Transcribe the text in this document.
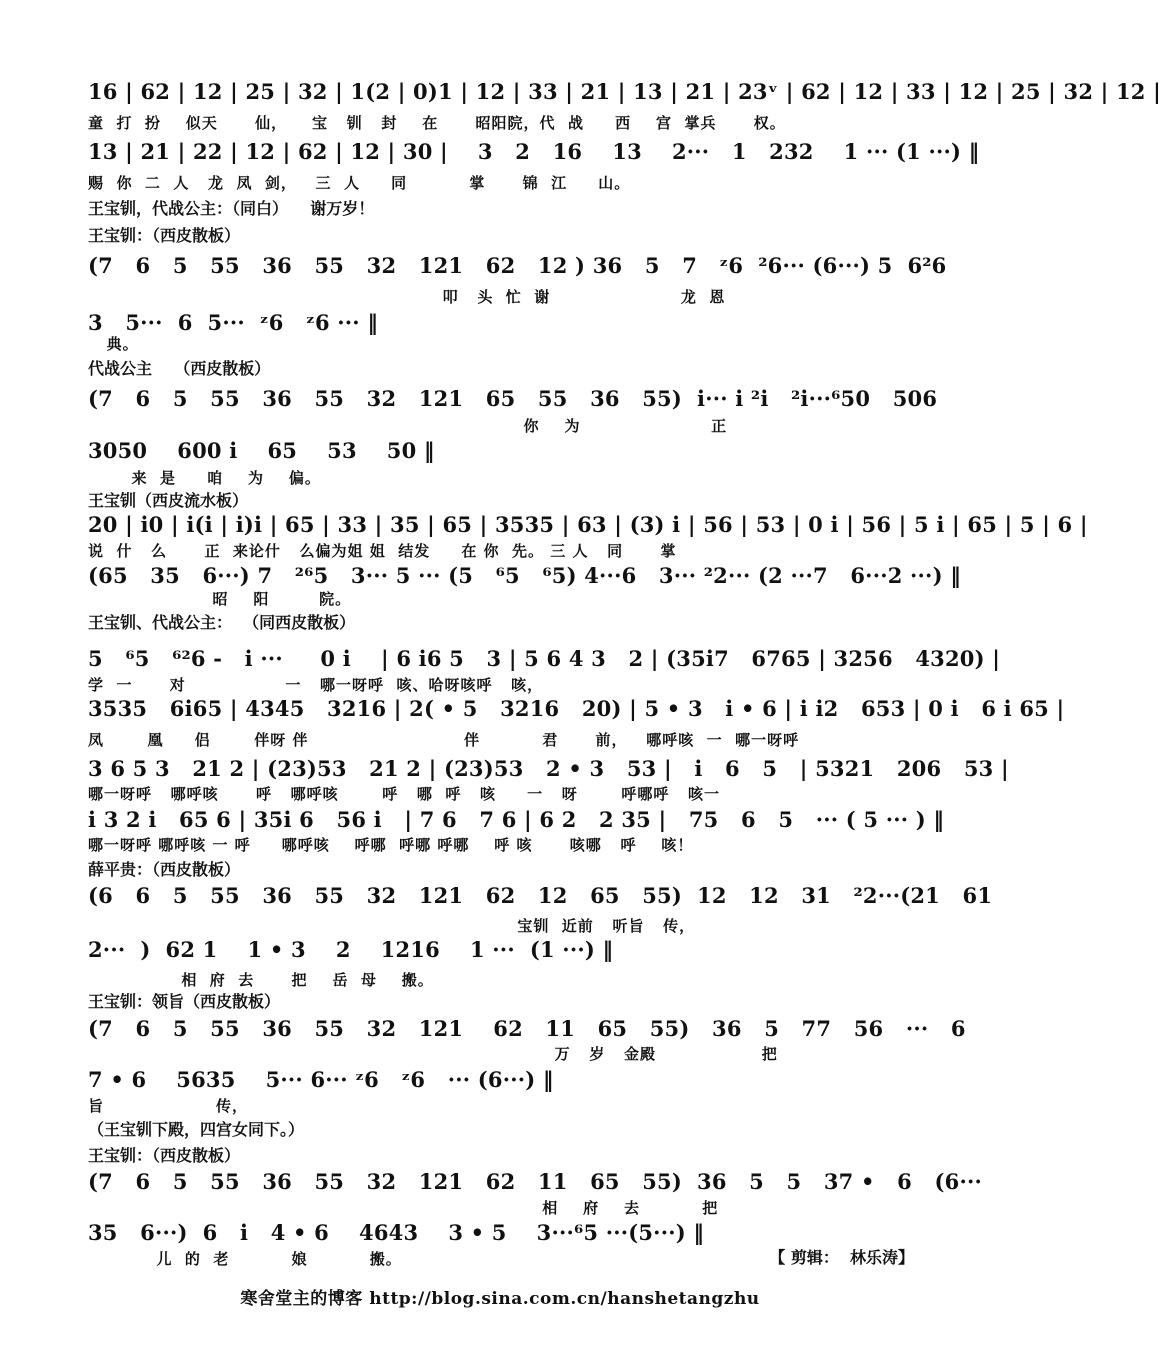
16 | 62 | 12 | 25 | 32 | 1(2 | 0)1 | 12 | 33 | 21 | 13 | 21 | 23ᵛ | 62 | 12 | 33 | 12 | 25 | 32 | 12 |
童  打  扮    似天      仙，    宝   钏   封    在      昭阳院，代  战     西    宫  掌兵      权。
13 | 21 | 22 | 12 | 62 | 12 | 30 |    3   2   16    13    2···   1   232    1 ··· (1 ···) ‖
赐  你  二  人   龙  凤  剑，   三  人     同          掌      锦  江     山。
王宝钏，代战公主：（同白）    谢万岁！
王宝钏：（西皮散板）
(7   6   5   55   36   55   32   121   62   12 ) 36   5   7   ᶻ6  ²6··· (6···) 5  6²6
叩   头  忙  谢                     龙  恩
3   5···  6  5···  ᶻ6   ᶻ6 ··· ‖
典。
代战公主    （西皮散板）
(7   6   5   55   36   55   32   121   65   55   36   55)  i··· i ²i   ²i···⁶50   506
你    为                     正
3050    600 i    65    53    50 ‖
来  是     咱    为    偏。
王宝钏（西皮流水板）
20 | i0 | i(i | i)i | 65 | 33 | 35 | 65 | 3535 | 63 | (3) i | 56 | 53 | 0 i | 56 | 5 i | 65 | 5 | 6 |
说  什   么      正  来论什   么偏为姐 姐  结发     在 你  先。 三 人   同      掌
(65   35   6···) 7   ²⁶5   3··· 5 ··· (5   ⁶5   ⁶5) 4···6   3··· ²2··· (2 ···7   6···2 ···) ‖
昭    阳        院。
王宝钏、代战公主：  （同西皮散板）
5   ⁶5   ⁶²6 -   i ···     0 i    | 6 i6 5   3 | 5 6 4 3   2 | (35i7   6765 | 3256   4320) |
学  一      对                一   哪一呀呼  咳、哈呀咳呼   咳，
3535   6i65 | 4345   3216 | 2( • 5   3216   20) | 5 • 3   i • 6 | i i2   653 | 0 i   6 i 65 |
凤       凰     侣       伴呀 伴                         伴          君      前，   哪呼咳  一  哪一呀呼
3 6 5 3   21 2 | (23)53   21 2 | (23)53   2 • 3   53 |   i   6   5   | 5321   206   53 |
哪一呀呼   哪呼咳      呼   哪呼咳       呼   哪  呼   咳     一   呀       呼哪呼   咳一
i 3 2 i   65 6 | 35i 6   56 i   | 7 6   7 6 | 6 2   2 35 |   75   6   5   ··· ( 5 ··· ) ‖
哪一呀呼 哪呼咳 一 呼     哪呼咳    呼哪  呼哪 呼哪    呼 咳      咳哪   呼    咳！
薛平贵：（西皮散板）
(6   6   5   55   36   55   32   121   62   12   65   55)  12   12   31   ²2···(21   61
宝钏  近前   听旨   传，
2···  )  62 1    1 • 3    2    1216    1 ···  (1 ···) ‖
相  府  去      把    岳  母    搬。
王宝钏：领旨（西皮散板）
(7   6   5   55   36   55   32   121    62   11   65   55)   36   5   77   56   ···   6
万   岁   金殿                 把
7 • 6    5635    5··· 6··· ᶻ6   ᶻ6   ··· (6···) ‖
旨                  传，
（王宝钏下殿，四宫女同下。）
王宝钏：（西皮散板）
(7   6   5   55   36   55   32   121   62   11   65   55)  36   5   5   37 •   6   (6···
相    府    去          把
35   6···)  6   i   4 • 6    4643    3 • 5    3···⁶5 ···(5···) ‖
儿  的  老          娘          搬。	【 剪辑：  林乐涛】
寒舍堂主的博客 http://blog.sina.com.cn/hanshetangzhu
